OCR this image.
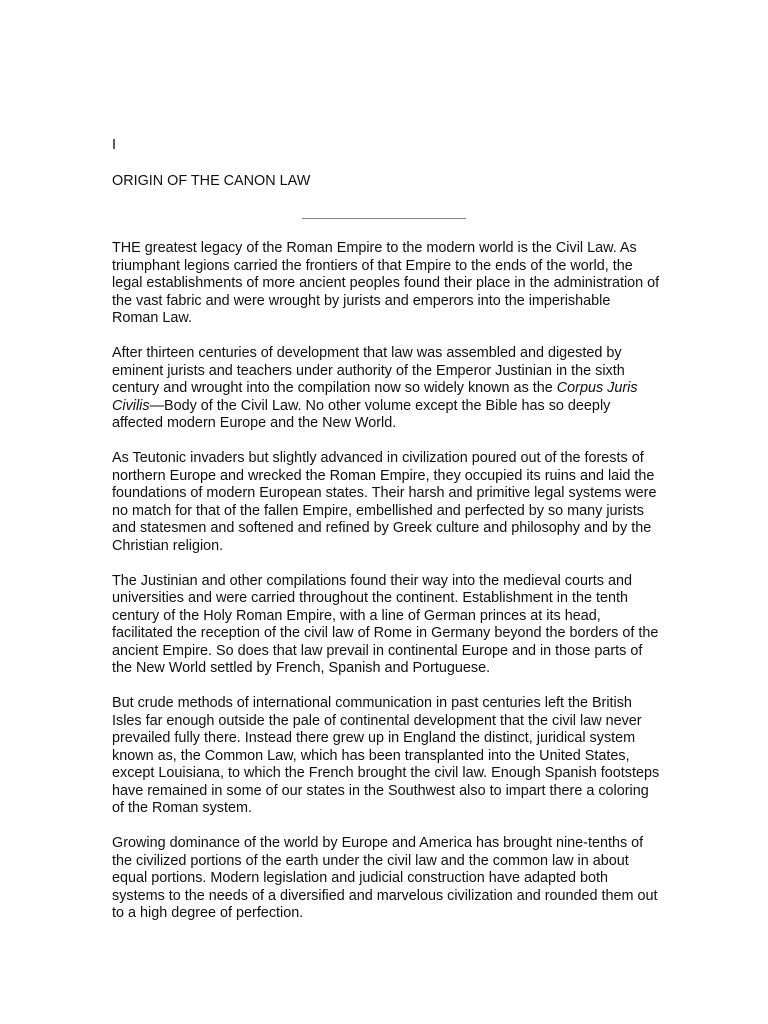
I

ORIGIN OF THE CANON LAW

THE greatest legacy of the Roman Empire to the modern world is the Civil Law. As triumphant legions carried the frontiers of that Empire to the ends of the world, the legal establishments of more ancient peoples found their place in the administration of the vast fabric and were wrought by jurists and emperors into the imperishable Roman Law.

After thirteen centuries of development that law was assembled and digested by eminent jurists and teachers under authority of the Emperor Justinian in the sixth century and wrought into the compilation now so widely known as the Corpus Juris Civilis—Body of the Civil Law. No other volume except the Bible has so deeply affected modern Europe and the New World.

As Teutonic invaders but slightly advanced in civilization poured out of the forests of northern Europe and wrecked the Roman Empire, they occupied its ruins and laid the foundations of modern European states. Their harsh and primitive legal systems were no match for that of the fallen Empire, embellished and perfected by so many jurists and statesmen and softened and refined by Greek culture and philosophy and by the Christian religion.

The Justinian and other compilations found their way into the medieval courts and universities and were carried throughout the continent. Establishment in the tenth century of the Holy Roman Empire, with a line of German princes at its head, facilitated the reception of the civil law of Rome in Germany beyond the borders of the ancient Empire. So does that law prevail in continental Europe and in those parts of the New World settled by French, Spanish and Portuguese.

But crude methods of international communication in past centuries left the British Isles far enough outside the pale of continental development that the civil law never prevailed fully there. Instead there grew up in England the distinct, juridical system known as, the Common Law, which has been transplanted into the United States, except Louisiana, to which the French brought the civil law. Enough Spanish footsteps have remained in some of our states in the Southwest also to impart there a coloring of the Roman system.

Growing dominance of the world by Europe and America has brought nine-tenths of the civilized portions of the earth under the civil law and the common law in about equal portions. Modern legislation and judicial construction have adapted both systems to the needs of a diversified and marvelous civilization and rounded them out to a high degree of perfection.
